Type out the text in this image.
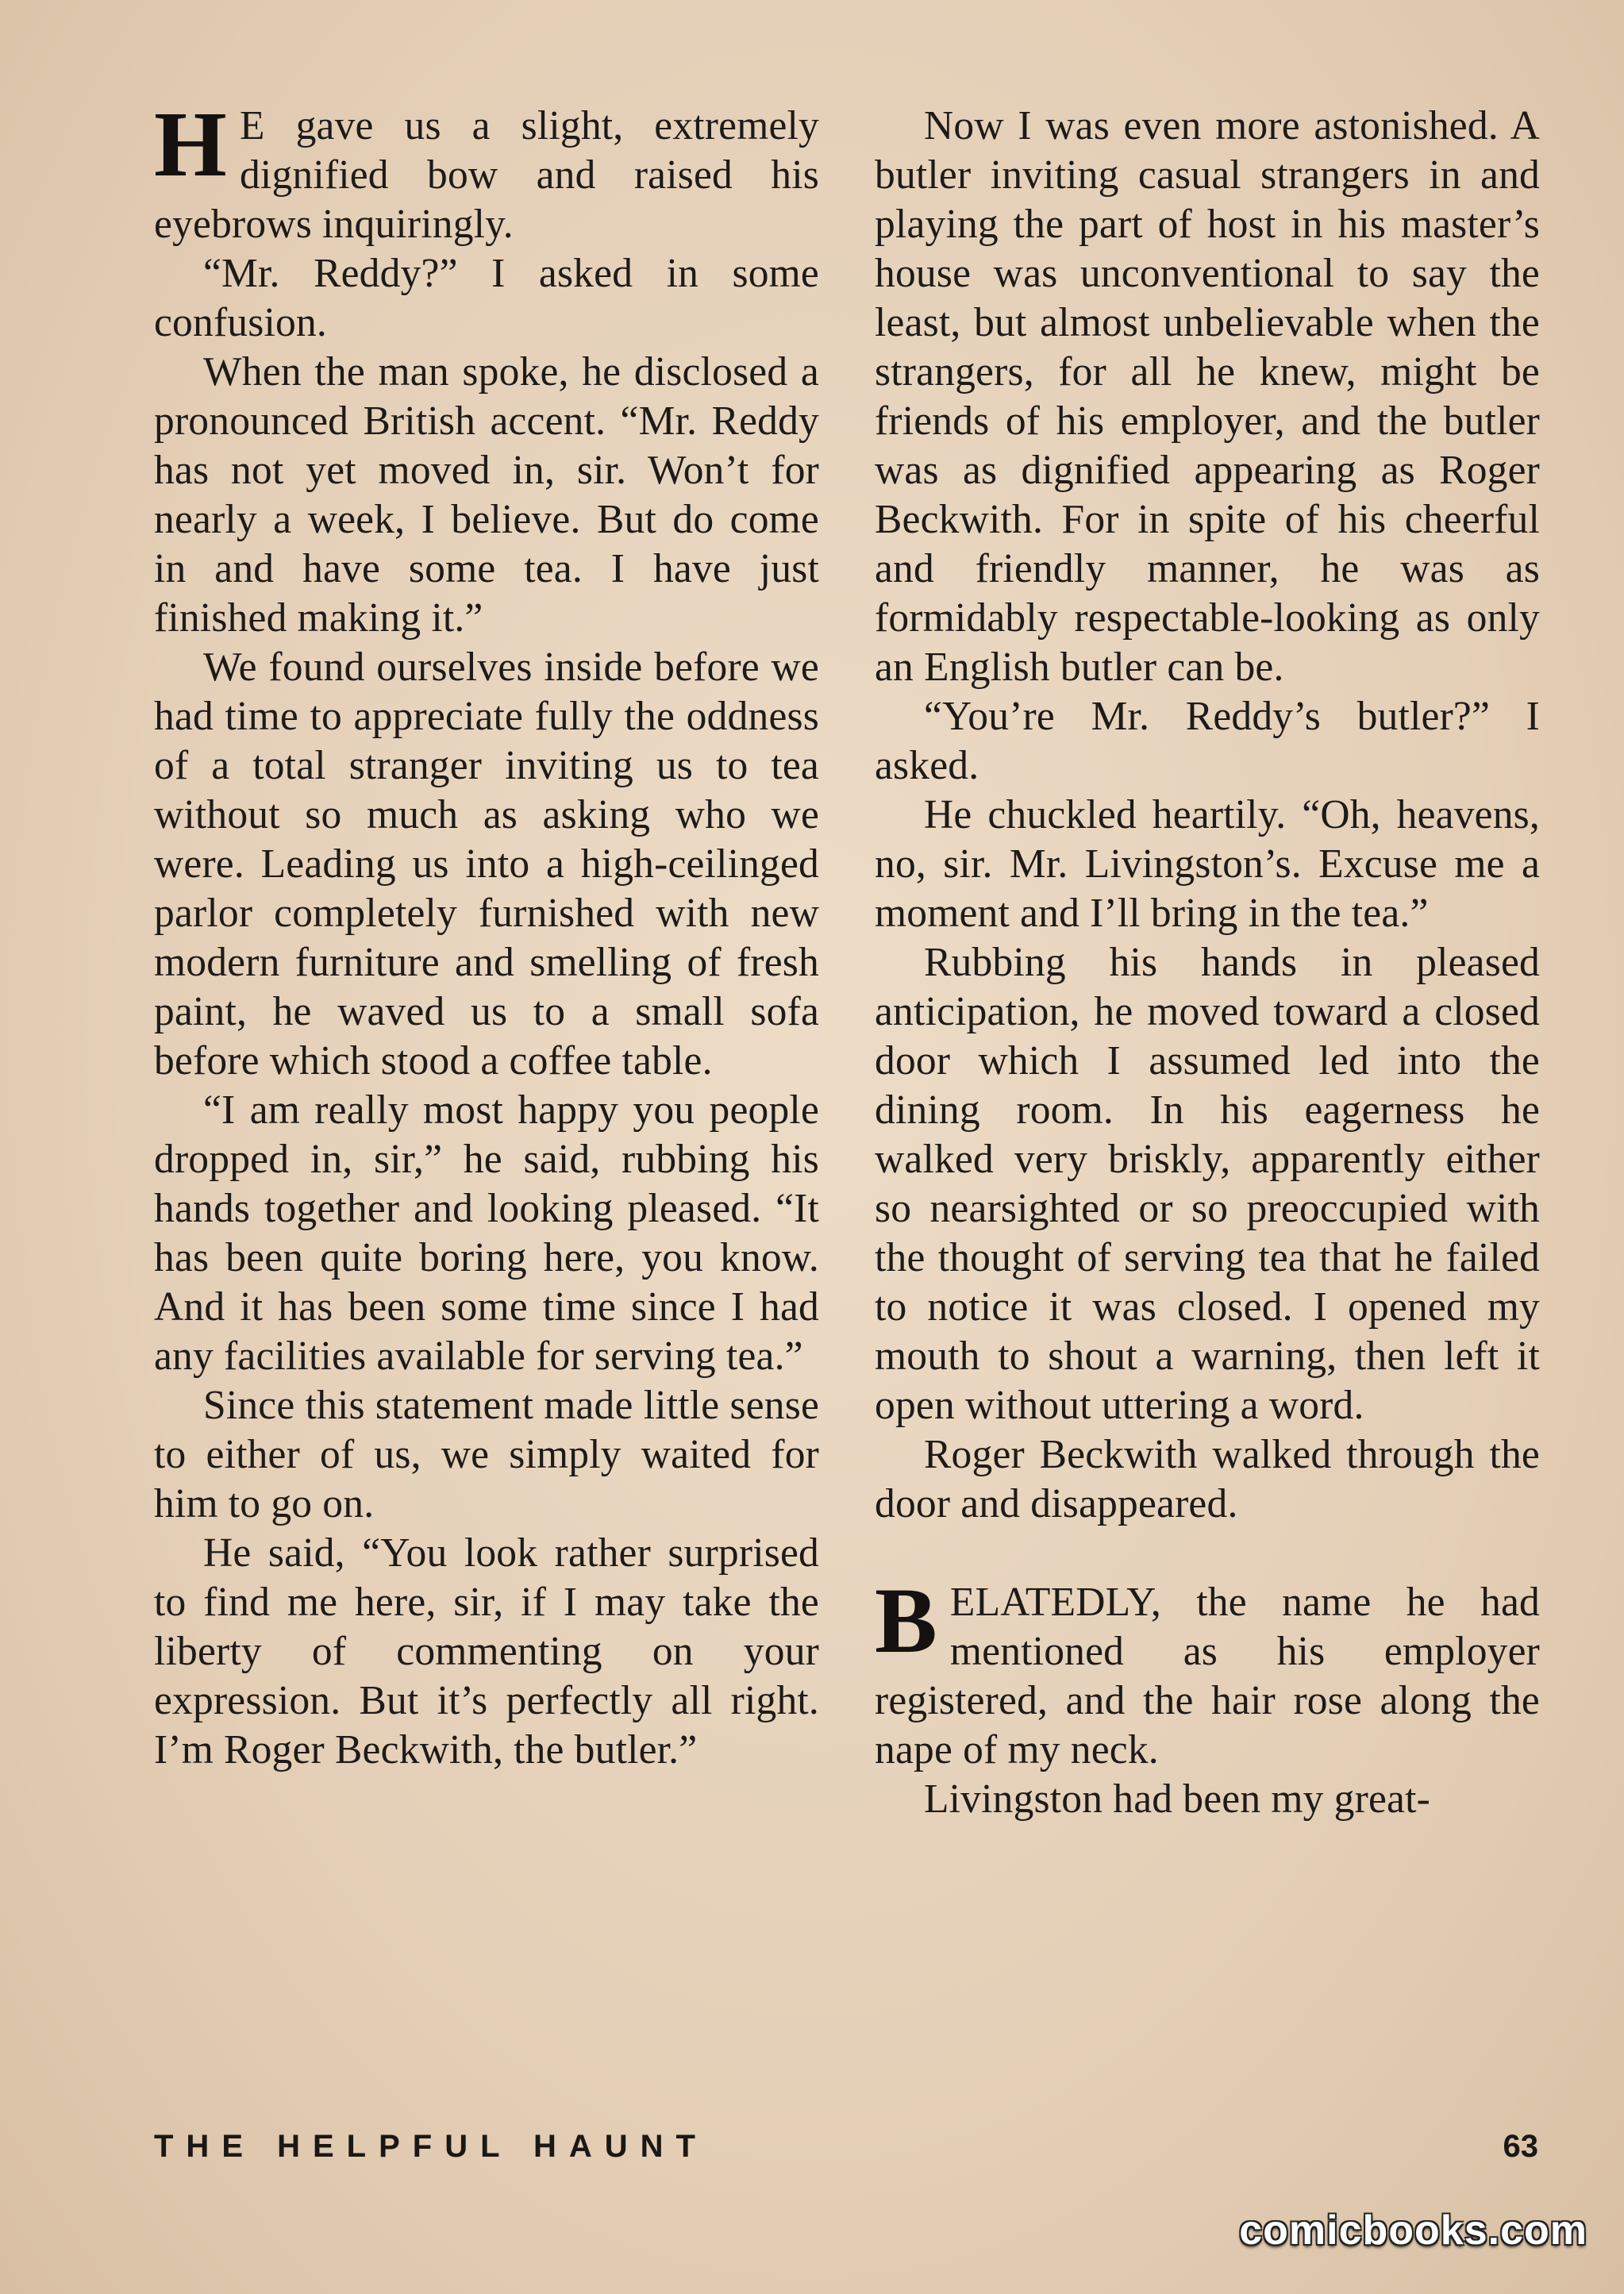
H E gave us a slight, extremely dignified bow and raised his eyebrows inquiringly.

“Mr. Reddy?” I asked in some confusion.

When the man spoke, he disclosed a pronounced British accent. “Mr. Reddy has not yet moved in, sir. Won’t for nearly a week, I believe. But do come in and have some tea. I have just finished making it.”

We found ourselves inside before we had time to appreciate fully the oddness of a total stranger inviting us to tea without so much as asking who we were. Leading us into a high-ceilinged parlor completely furnished with new modern furniture and smelling of fresh paint, he waved us to a small sofa before which stood a coffee table.

“I am really most happy you people dropped in, sir,” he said, rubbing his hands together and looking pleased. “It has been quite boring here, you know. And it has been some time since I had any facilities available for serving tea.”

Since this statement made little sense to either of us, we simply waited for him to go on.

He said, “You look rather surprised to find me here, sir, if I may take the liberty of commenting on your expression. But it’s perfectly all right. I’m Roger Beckwith, the butler.”

Now I was even more astonished. A butler inviting casual strangers in and playing the part of host in his master’s house was unconventional to say the least, but almost unbelievable when the strangers, for all he knew, might be friends of his employer, and the butler was as dignified appearing as Roger Beckwith. For in spite of his cheerful and friendly manner, he was as formidably respectable-looking as only an English butler can be.

“You’re Mr. Reddy’s butler?” I asked.

He chuckled heartily. “Oh, heavens, no, sir. Mr. Livingston’s. Excuse me a moment and I’ll bring in the tea.”

Rubbing his hands in pleased anticipation, he moved toward a closed door which I assumed led into the dining room. In his eagerness he walked very briskly, apparently either so nearsighted or so preoccupied with the thought of serving tea that he failed to notice it was closed. I opened my mouth to shout a warning, then left it open without uttering a word.

Roger Beckwith walked through the door and disappeared.

BELATEDLY, the name he had mentioned as his employer registered, and the hair rose along the nape of my neck.

Livingston had been my great-

THE HELPFUL HAUNT	63
comicbooks.com
